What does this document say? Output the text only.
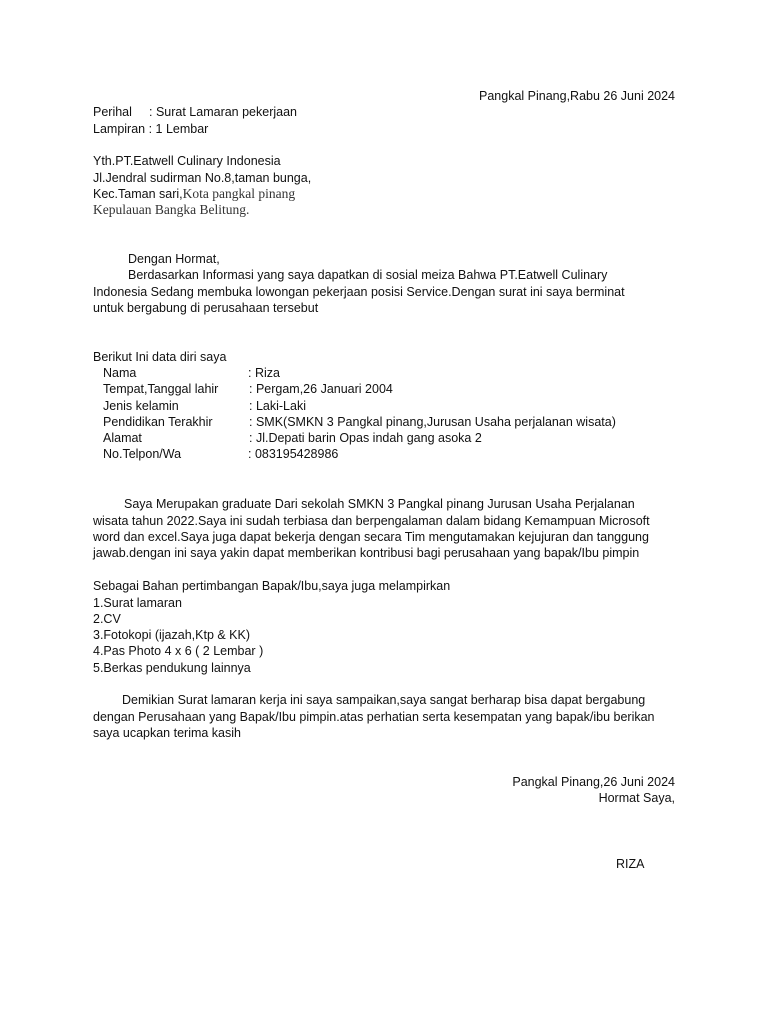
Pangkal Pinang,Rabu 26 Juni 2024
Perihal : Surat Lamaran pekerjaan
Lampiran : 1 Lembar
Yth.PT.Eatwell Culinary Indonesia
Jl.Jendral sudirman No.8,taman bunga,
Kec.Taman sari,Kota pangkal pinang
Kepulauan Bangka Belitung.
Dengan Hormat,
Berdasarkan Informasi yang saya dapatkan di sosial meiza Bahwa PT.Eatwell Culinary
Indonesia Sedang membuka lowongan pekerjaan posisi Service.Dengan surat ini saya berminat
untuk bergabung di perusahaan tersebut
Berikut Ini data diri saya
Nama	: Riza
Tempat,Tanggal lahir : Pergam,26 Januari 2004
Jenis kelamin	: Laki-Laki
Pendidikan Terakhir	: SMK(SMKN 3 Pangkal pinang,Jurusan Usaha perjalanan wisata)
Alamat	: Jl.Depati barin Opas indah gang asoka 2
No.Telpon/Wa	: 083195428986
Saya Merupakan graduate Dari sekolah SMKN 3 Pangkal pinang Jurusan Usaha Perjalanan
wisata tahun 2022.Saya ini sudah terbiasa dan berpengalaman dalam bidang Kemampuan Microsoft
word dan excel.Saya juga dapat bekerja dengan secara Tim mengutamakan kejujuran dan tanggung
jawab.dengan ini saya yakin dapat memberikan kontribusi bagi perusahaan yang bapak/Ibu pimpin
Sebagai Bahan pertimbangan Bapak/Ibu,saya juga melampirkan
1.Surat lamaran
2.CV
3.Fotokopi (ijazah,Ktp & KK)
4.Pas Photo 4 x 6 ( 2 Lembar )
5.Berkas pendukung lainnya
Demikian Surat lamaran kerja ini saya sampaikan,saya sangat berharap bisa dapat bergabung
dengan Perusahaan yang Bapak/Ibu pimpin.atas perhatian serta kesempatan yang bapak/ibu berikan
saya ucapkan terima kasih
Pangkal Pinang,26 Juni 2024
Hormat Saya,
RIZA
